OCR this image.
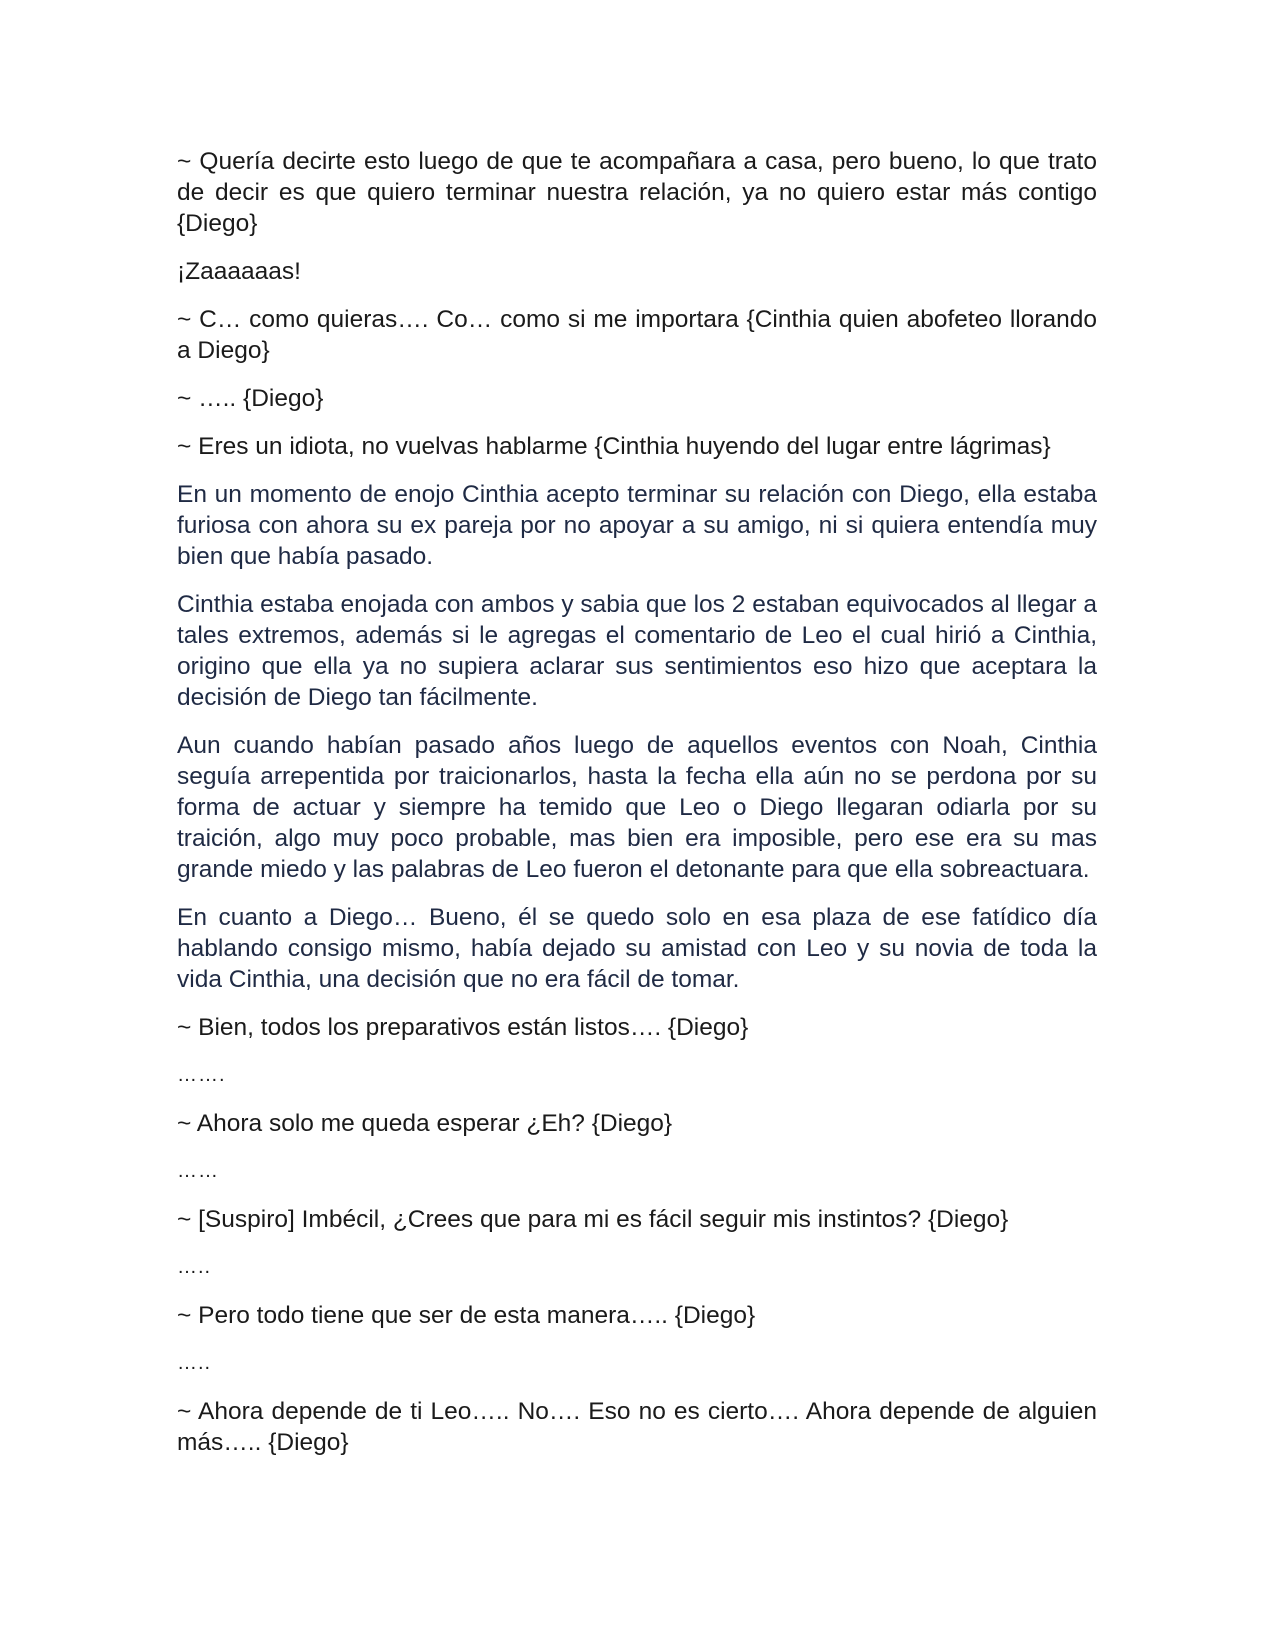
~ Quería decirte esto luego de que te acompañara a casa, pero bueno, lo que trato de decir es que quiero terminar nuestra relación, ya no quiero estar más contigo {Diego}

¡Zaaaaaas!

~ C… como quieras…. Co… como si me importara {Cinthia quien abofeteo llorando a Diego}

~ ….. {Diego}

~ Eres un idiota, no vuelvas hablarme {Cinthia huyendo del lugar entre lágrimas}

En un momento de enojo Cinthia acepto terminar su relación con Diego, ella estaba furiosa con ahora su ex pareja por no apoyar a su amigo, ni si quiera entendía muy bien que había pasado.

Cinthia estaba enojada con ambos y sabia que los 2 estaban equivocados al llegar a tales extremos, además si le agregas el comentario de Leo el cual hirió a Cinthia, origino que ella ya no supiera aclarar sus sentimientos eso hizo que aceptara la decisión de Diego tan fácilmente.

Aun cuando habían pasado años luego de aquellos eventos con Noah, Cinthia seguía arrepentida por traicionarlos, hasta la fecha ella aún no se perdona por su forma de actuar y siempre ha temido que Leo o Diego llegaran odiarla por su traición, algo muy poco probable, mas bien era imposible, pero ese era su mas grande miedo y las palabras de Leo fueron el detonante para que ella sobreactuara.

En cuanto a Diego… Bueno, él se quedo solo en esa plaza de ese fatídico día hablando consigo mismo, había dejado su amistad con Leo y su novia de toda la vida Cinthia, una decisión que no era fácil de tomar.

~ Bien, todos los preparativos están listos…. {Diego}

…….

~ Ahora solo me queda esperar ¿Eh? {Diego}

……

~ [Suspiro] Imbécil, ¿Crees que para mi es fácil seguir mis instintos? {Diego}

…..

~ Pero todo tiene que ser de esta manera….. {Diego}

…..

~ Ahora depende de ti Leo….. No…. Eso no es cierto…. Ahora depende de alguien más….. {Diego}
